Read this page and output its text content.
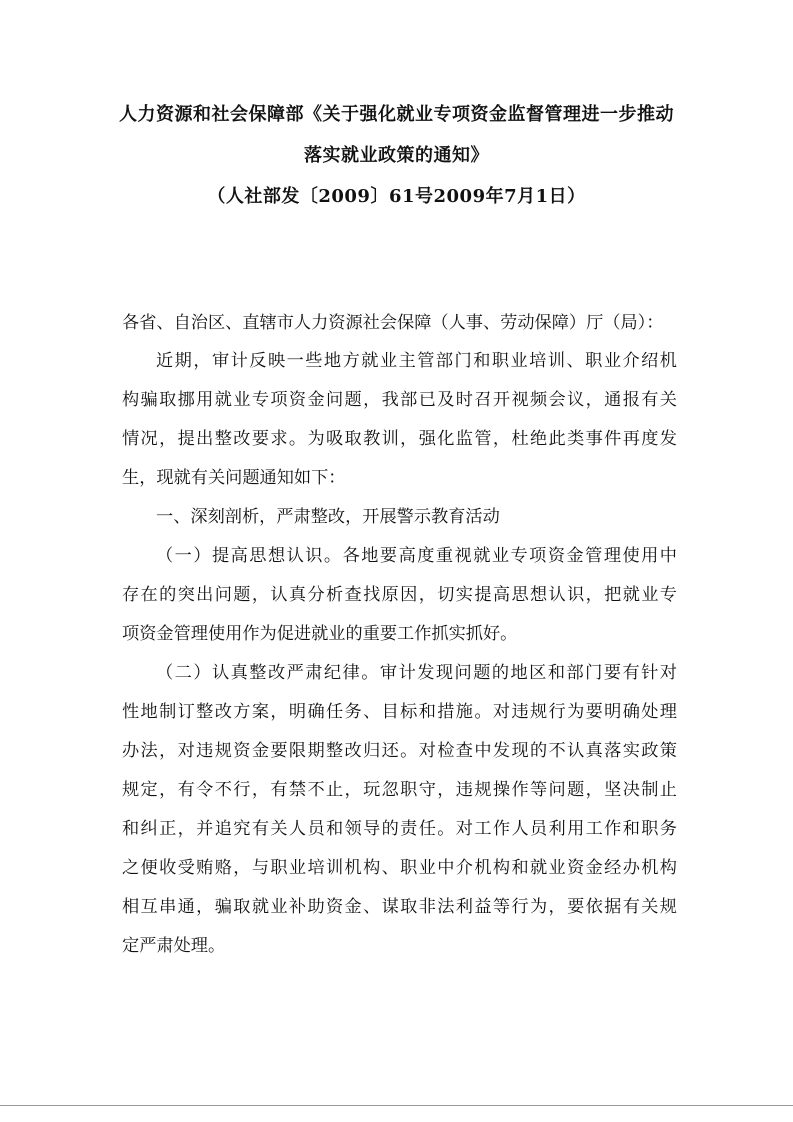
人力资源和社会保障部《关于强化就业专项资金监督管理进一步推动
落实就业政策的通知》
（人社部发〔2009〕61号2009年7月1日）
各省、自治区、直辖市人力资源社会保障（人事、劳动保障）厅（局）：
近期，审计反映一些地方就业主管部门和职业培训、职业介绍机
构骗取挪用就业专项资金问题，我部已及时召开视频会议，通报有关
情况，提出整改要求。为吸取教训，强化监管，杜绝此类事件再度发
生，现就有关问题通知如下：
一、深刻剖析，严肃整改，开展警示教育活动
（一）提高思想认识。各地要高度重视就业专项资金管理使用中
存在的突出问题，认真分析查找原因，切实提高思想认识，把就业专
项资金管理使用作为促进就业的重要工作抓实抓好。
（二）认真整改严肃纪律。审计发现问题的地区和部门要有针对
性地制订整改方案，明确任务、目标和措施。对违规行为要明确处理
办法，对违规资金要限期整改归还。对检查中发现的不认真落实政策
规定，有令不行，有禁不止，玩忽职守，违规操作等问题，坚决制止
和纠正，并追究有关人员和领导的责任。对工作人员利用工作和职务
之便收受贿赂，与职业培训机构、职业中介机构和就业资金经办机构
相互串通，骗取就业补助资金、谋取非法利益等行为，要依据有关规
定严肃处理。
